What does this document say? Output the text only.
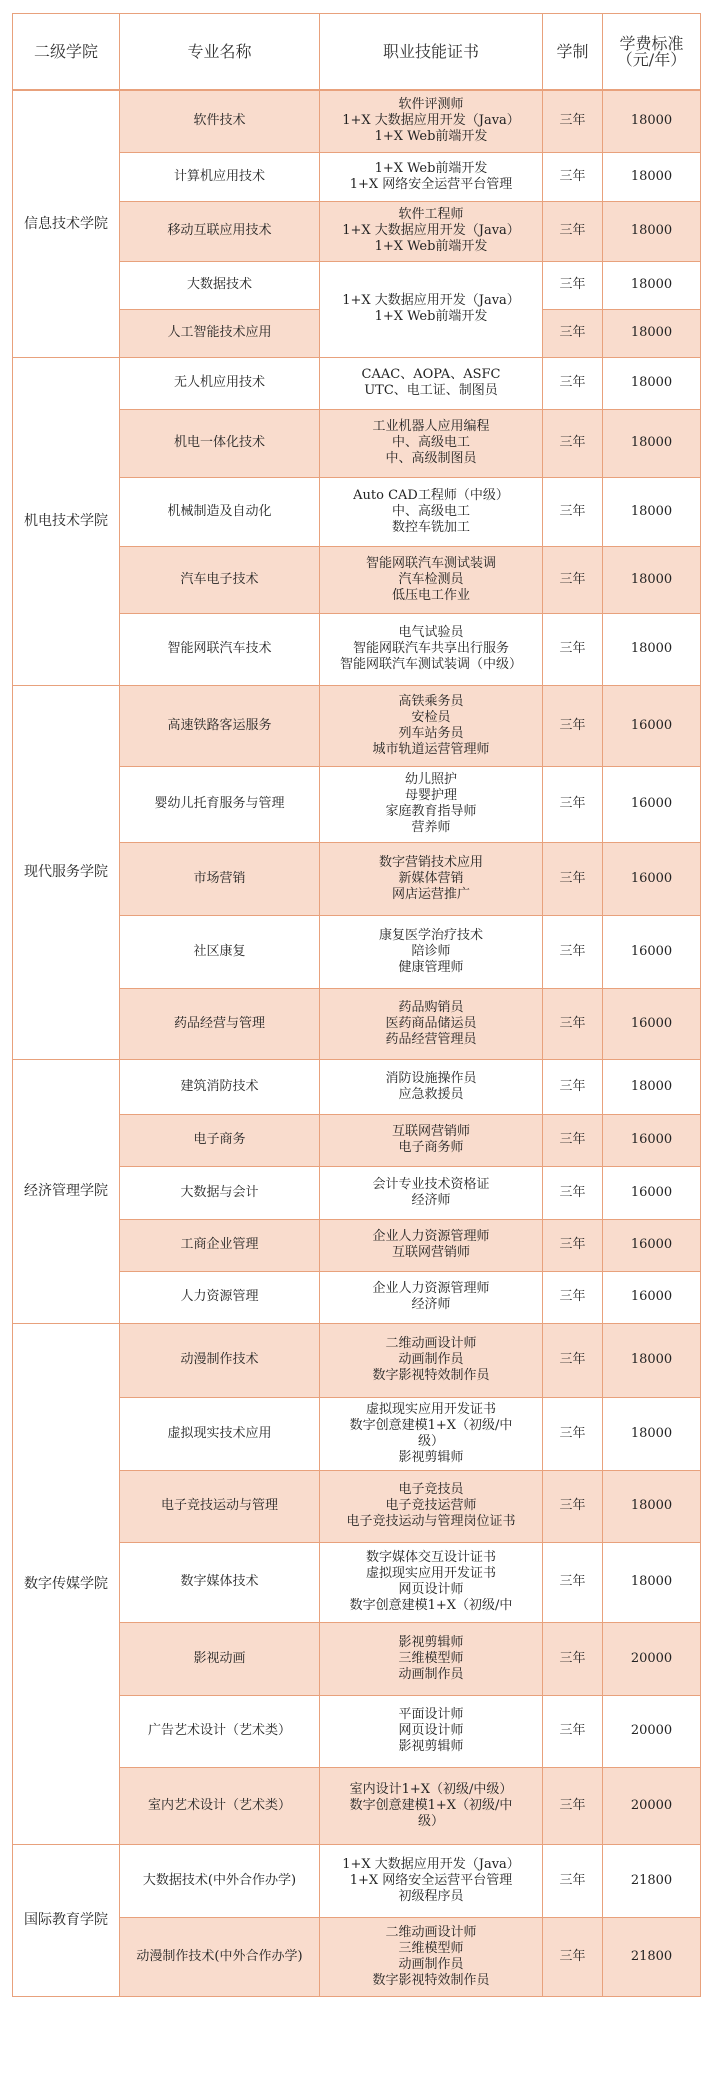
二级学院	专业名称	职业技能证书	学制	学费标准
（元/年）

信息技术学院	软件技术	软件评测师
1+X 大数据应用开发（Java）
1+X Web前端开发	三年	18000
	计算机应用技术	1+X Web前端开发
1+X 网络安全运营平台管理	三年	18000
	移动互联应用技术	软件工程师
1+X 大数据应用开发（Java）
1+X Web前端开发	三年	18000
	大数据技术	1+X 大数据应用开发（Java）
1+X Web前端开发	三年	18000
	人工智能技术应用		三年	18000
机电技术学院	无人机应用技术	CAAC、AOPA、ASFC
UTC、电工证、制图员	三年	18000
	机电一体化技术	工业机器人应用编程
中、高级电工
中、高级制图员	三年	18000
	机械制造及自动化	Auto CAD工程师（中级）
中、高级电工
数控车铣加工	三年	18000
	汽车电子技术	智能网联汽车测试装调
汽车检测员
低压电工作业	三年	18000
	智能网联汽车技术	电气试验员
智能网联汽车共享出行服务
智能网联汽车测试装调（中级）	三年	18000
现代服务学院	高速铁路客运服务	高铁乘务员
安检员
列车站务员
城市轨道运营管理师	三年	16000
	婴幼儿托育服务与管理	幼儿照护
母婴护理
家庭教育指导师
营养师	三年	16000
	市场营销	数字营销技术应用
新媒体营销
网店运营推广	三年	16000
	社区康复	康复医学治疗技术
陪诊师
健康管理师	三年	16000
	药品经营与管理	药品购销员
医药商品储运员
药品经营管理员	三年	16000
经济管理学院	建筑消防技术	消防设施操作员
应急救援员	三年	18000
	电子商务	互联网营销师
电子商务师	三年	16000
	大数据与会计	会计专业技术资格证
经济师	三年	16000
	工商企业管理	企业人力资源管理师
互联网营销师	三年	16000
	人力资源管理	企业人力资源管理师
经济师	三年	16000
数字传媒学院	动漫制作技术	二维动画设计师
动画制作员
数字影视特效制作员	三年	18000
	虚拟现实技术应用	虚拟现实应用开发证书
数字创意建模1+X（初级/中
级）
影视剪辑师	三年	18000
	电子竞技运动与管理	电子竞技员
电子竞技运营师
电子竞技运动与管理岗位证书	三年	18000
	数字媒体技术	数字媒体交互设计证书
虚拟现实应用开发证书
网页设计师
数字创意建模1+X（初级/中	三年	18000
	影视动画	影视剪辑师
三维模型师
动画制作员	三年	20000
	广告艺术设计（艺术类）	平面设计师
网页设计师
影视剪辑师	三年	20000
	室内艺术设计（艺术类）	室内设计1+X（初级/中级）
数字创意建模1+X（初级/中
级）	三年	20000
国际教育学院	大数据技术(中外合作办学)	1+X 大数据应用开发（Java）
1+X 网络安全运营平台管理
初级程序员	三年	21800
	动漫制作技术(中外合作办学)	二维动画设计师
三维模型师
动画制作员
数字影视特效制作员	三年	21800
